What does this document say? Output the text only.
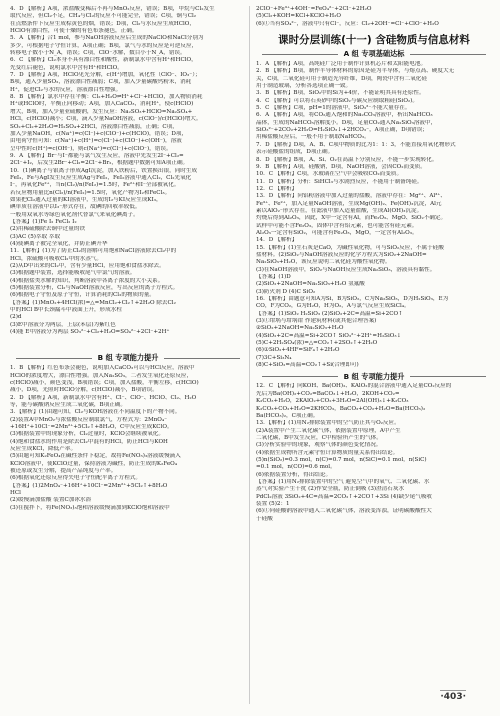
4．D 【解析】A项，浓盐酸变稀后不再与MnO₂反应，错误；B项，甲烷与Cl₂发生
取代反应，但Cl₂不足，CH₄与Cl₂的反应不可能完全，错误；C项，铜与Cl₂
在点燃条件下反应生成棕黄色的烟，错误；D项，Cl₂与水反应生成HClO，
HClO有漂白性，可使干燥的有色布条褪色，正确。
5．A 【解析】合1 mol，参与NaOH溶液反应后生成的NaClO和NaCl分别为
多少，可根据电子守恒计算，A项正确；B项，氯气与水的反应是可逆反应，
转移电子数小于N_A，错误；C项，ClO⁻水解，数目小于N_A，错误。
6．C 【解析】Cl₂本身不具有漂白性和酸性，新制氯水中含有H⁺和HClO，
先变红后褪色，说明氯水中含有H⁺和HClO。
7．D 【解析】A项，HClO见光分解，c(H⁺)增加，氧化性（ClO⁻、IO₃⁻）；
B项，通入少量SO₂，溶液漂白性减弱；C项，加入少量碳酸钙粉末，消耗
H⁺，促进Cl₂与水的反应，溶液漂白性增强。
8．B 【解析】氯水中存在平衡：Cl₂+H₂O⇌H⁺+Cl⁻+HClO，加入物质消耗
H⁺或HClO时，平衡正向移动；A项，加入CaCO₃，消耗H⁺，使c(HClO)
增大，B项，加入少量亚硫酸钠，发生反应：Na₂SO₃+HClO=Na₂SO₄+
HCl，c(HClO)减小；C项，滴入少量NaOH溶液，c(ClO⁻)/c(HClO)增大。
SO₂+Cl₂+2H₂O=H₂SO₄+2HCl，溶液漂白性减弱，正确；C项，
加入少量NaOH，c(Na⁺)=c(Cl⁻)+c(ClO⁻)+c(HClO)，错误；D项，
由电荷守恒可知：c(Na⁺)+c(H⁺)=c(Cl⁻)+c(ClO⁻)+c(OH⁻)，溶液
呈中性时c(H⁺)=c(OH⁻)，则c(Na⁺)=c(Cl⁻)+c(ClO⁻)，错误。
9．A 【解析】Br⁻与I⁻都能与氯气发生反应，溶液中先发生2I⁻+Cl₂=
2Cl⁻+I₂，后发生2Br⁻+Cl₂=2Cl⁻+Br₂，根据题中数据可知A项正确。
10．(1)碘离子与银离子形成AgI沉淀，加入铁粉后，铁置换出银，同时生成
FeI₂，Fe与AgI发生反应生成Ag与FeI₂，FeI₂溶液中通入Cl₂，Cl₂先氧化
I⁻，再氧化Fe²⁺，当n(Cl₂)/n(FeI₂)=1.5时，Fe²⁺和I⁻全部被氧化。
若反应物用量比n(Cl₂)/n(FeI₂)=1.5时，氧化产物为I₂和FeCl₃。
如果把Cl₂通入过量的KI溶液中，生成的I₂与KI反应生成KI₃，
碘单质在溶液中以I₃⁻形式存在，故碘的回收率较低。
一般用双氧水等绿色氧化剂代替氯气来氧化碘离子。
【答案】(1)Fe I₂ FeCl₂ I₂
(2)用稀硫酸除去铜中过量的铁
(3)AC (5)萃取 萃取
(4)使碘离子被完全氧化，并防止碘升华
11．【解析】(1)为了防止Cl₂的溶解可用饱和NaCl溶液除去Cl₂中的
HCl，浓硫酸可吸收Cl₂中的水蒸气。
(2)从D中出来的Cl₂中，含有少量HCl，应用饱和食盐水除去。
(3)根据题中装置，选择能吸收尾气中氯气的溶液。
(4)根据盐类水解的知识，判断溶液中各离子浓度的大小关系。
(5)根据装置分析，Cl₂与NaOH溶液反应，写出反应的离子方程式。
(6)根据电子守恒及原子守恒，计算消耗的Cl₂的物质的量。
【答案】(1)MnO₂+4HCl(浓)=△=MnCl₂+Cl₂↑+2H₂O 除去Cl₂
中的HCl B中长颈漏斗中液面上升，形成水柱
(2)d
(3)E中溶液分为两层，上层(苯层)为紫红色
(4)能 E中溶液分为两层 SO₃²⁻+Cl₂+H₂O=SO₄²⁻+2Cl⁻+2H⁺

B 组 专项能力提升
1．B 【解析】红色布条会褪色，说明加入CaCO₃可以与HCl反应，溶液中
HClO的浓度增大，漂白性增强。加入Na₂SO₃，二者发生氧化还原反应，
c(HClO)减小，颜色变浅，B项错误；C项，加入盐酸，平衡左移，c(HClO)
减小，D项，光照时HClO分解，c(HClO)减小，B项错误。
2．D 【解析】A项，新制氯水中含有H⁺、Cl⁻、ClO⁻、HClO、Cl₂、H₂O
等，能与碳酸钠反应生成二氧化碳，B项正确。
3．【解析】(1)由题可知，Cl₂与KOH溶液在不同温度下的产物不同。
(2)装置A中MnO₂与浓盐酸反应制取氯气，方程式为：2MnO₄⁻
+16H⁺+10Cl⁻=2Mn²⁺+5Cl₂↑+8H₂O，C中反应生成KClO。
(3)根据装置中的现象分析，Cl₂过量时，KClO会继续被氧化。
(4)饱和食盐水的作用是除去Cl₂中混有的HCl，防止HCl与KOH
反应生成KCl，降低产率。
(5)由题可知K₂FeO₄在碱性条件下稳定，故将Fe(NO₃)₃溶液缓慢滴入
KClO溶液中，使KClO过量，保持溶液为碱性，防止生成的K₂FeO₄
被还原或发生分解，提高产品纯度与产率。
(6)根据氧化还原反应得失电子守恒配平离子方程式。
【答案】(1)2MnO₄⁻+16H⁺+10Cl⁻=2Mn²⁺+5Cl₂↑+8H₂O
HCl
(2)缓慢滴加盐酸 装置C加冰水浴
(3)在搅拌下，将Fe(NO₃)₃饱和溶液缓慢滴加到KClO饱和溶液中
2ClO⁻+Fe³⁺+4OH⁻=FeO₄²⁻+2Cl⁻+2H₂O
(5)Cl₂+KOH=KCl+KClO+H₂O
(6)①当有SO₄²⁻，溶液中只有Cl⁻，反应：Cl₂+2OH⁻=Cl⁻+ClO⁻+H₂O
课时分层训练(十一) 含硅物质与信息材料
A 组 专项基础达标
1．A 【解析】A项，高纯硅广泛用于制作计算机芯片和太阳能电池。
2．B 【解析】B项，制作半导体材料的原因是硅为半导体，与熔点高、硬度大无
关，C项，二氧化硅可用于制造光导纤维，D项，陶瓷中含有二氧化硅
用于制造玻璃，分析各选项正确一致。
3．B 【解析】B项，SiO₂中的Si为+4价，不能证明其具有还原性。
4．C 【解析】可以将石英砂中的SiO₂与碳反应制取粗硅(SiO₂)。
5．C 【解析】C项，pH=1的溶液中，SiO₃²⁻不能大量存在。
6．A 【解析】A项，将CO₂通入饱和的Na₂CO₃溶液中，析出NaHCO₃
晶体，生成的NaHCO₃溶解度小。D项，足量CO₂通入Na₂SiO₃溶液中，
SiO₃²⁻+2CO₂+2H₂O=H₂SiO₃↓+2HCO₃⁻，A项正确，D项错误；
用稀盐酸反应后，一般不用于制取NaHCO₃。
7．D 【解析】D项，A、B、C项中物质的比为1：1：3，不能直接用氧化物形式
表示硅酸盐的组成，D项正确。
8．D 【解析】B项，A、Si、O₂在高温下分别反应，不能一步实现转化。
9．B 【解析】A项，硅酸钠，D项，NaOH溶液，会因CO₂而变质。
10．C 【解析】C项，水玻璃在空气中会吸收CO₂而变质。
11．D 【解析】分析：SiHCl₃与水剧烈反应，不能用于制备纯硅。
12．C 【解析】
13．D 【解析】向铝粉溶液中加入过量的盐酸，溶液中存在：Mg²⁺、Al³⁺、
Fe³⁺、Fe²⁺，加入足量NaOH溶液，生成Mg(OH)₂、Fe(OH)₃沉淀，Al元
素以AlO₂⁻形式存在，在滤液中加入适量盐酸，生成Al(OH)₃沉淀。
灼烧后得到Al₂O₃，因此，X中一定含有Al，而Fe₂O₃、MgO、SiO₂不确定。
试样中可能不含Fe₂O₃，固体中含有铝元素，也可能含有硅元素。
Al₂O₃一定含有SiO₂，可能含有Fe₂O₃，MgO，一定含有Al₂O₃。
14．D 【解析】
15．【解析】(1)生石灰是CaO，为碱性氧化物，可与SiO₂反应，不属于硅酸
盐材料。(2)SiO₂与NaOH溶液反应的化学方程式为SiO₂+2NaOH=
Na₂SiO₃+H₂O，该反应说明二氧化硅为酸性氧化物。
(3)在NaOH溶液中，SiO₂与NaOH反应生成Na₂SiO₃，溶液具有黏性。
【答案】(1)D
(2)SiO₂+2NaOH=Na₂SiO₃+H₂O 氢氟酸
(3)防火剂 D (4)C SiO₂
16．【解析】由题意可知A为Si，B为SiO₂，C为Na₂SiO₃，D为H₂SiO₃，E为
CO，F为CO₂，G为H₂O，H为O₂，A与氯气反应生成SiCl₄。
【答案】(1)SiO₂ H₂SiO₃ (2)SiO₂+2C=高温=Si+2CO↑
(3)①坩埚与坩埚钳 作建筑材料(或其他合理答案)
②SiO₂+2NaOH=Na₂SiO₃+H₂O
(4)SiO₂+2C=高温=Si+2CO↑ SiO₃²⁻+2H⁺=H₂SiO₃↓
(5)C+2H₂SO₄(浓)=△=CO₂↑+2SO₂↑+2H₂O
(6)①SiO₂+4HF=SiF₄↑+2H₂O
(7)3C+Si₃N₄
(8)C+SiO₂=高温=CO₂↑+Si(合理即可)
B 组 专项能力提升
12．C 【解析】向KOH、Ba(OH)₂、KAlO₂的混合溶液中通入足量CO₂反应的
先后为Ba(OH)₂+CO₂=BaCO₃↓+H₂O，2KOH+CO₂=
K₂CO₃+H₂O，2KAlO₂+CO₂+3H₂O=2Al(OH)₃↓+K₂CO₃
K₂CO₃+CO₂+H₂O=2KHCO₃，BaCO₃+CO₂+H₂O=Ba(HCO₃)₂
Ba(HCO₃)₂，C项正确。
13．【解析】(1)用N₂排除装置中的空气防止其与O₂反应。
(2)A装置中产生二氧化碳气体，依据装置中原理，A中产生
二氧化碳，B中发生反应，C中检验所产生的气体。
(3)分析实验中的现象，观察气体的颜色变化情况。
(4)依据生成物所含元素守恒计算物质的量关系得出结论。
(5)n(SiO₂)=0.3 mol，n(C)=0.7 mol，n(SiC)=0.1 mol，n(SiC)
=0.1 mol，n(CO)=0.6 mol。
(6)依据装置分析，得出结论。
【答案】(1)用N₂排除装置中的空气 避免空气中的氧气、二氧化碳、水
蒸气对实验产生干扰 (2)作安全瓶，防止倒吸 (3)澄清石灰水
PdCl₂溶液 3SiO₂+4C=高温=2CO₂↑+2CO↑+3Si (4)缺少尾气吸收
装置 (5)2：1
(6)①向硅酸钠溶液中通入二氧化碳气体，溶液变浑浊，证明碳酸酸性大
于硅酸
·403·
